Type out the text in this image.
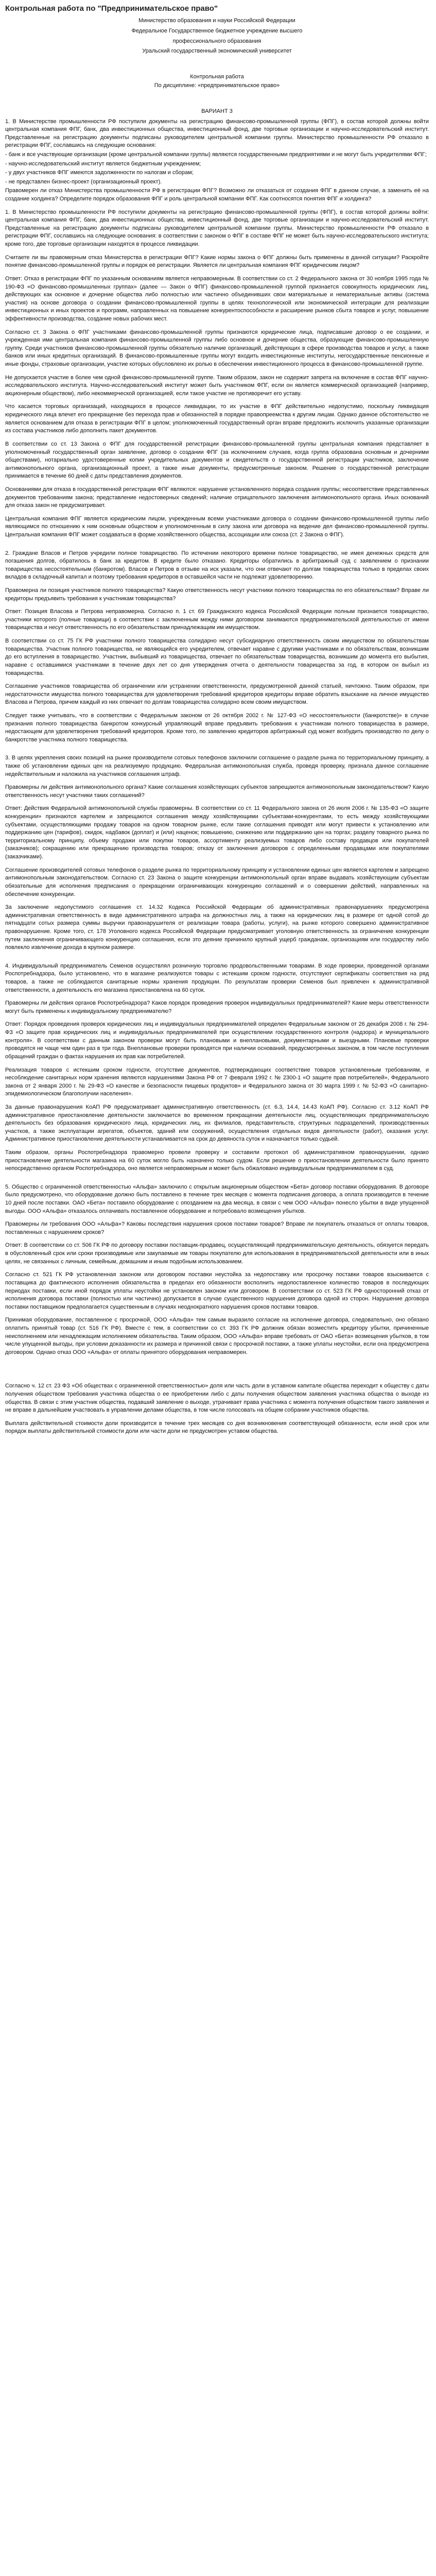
Контрольная работа по "Предпринимательское право"

Министерство образования и науки Российской Федерации

Федеральное Государственное бюджетное учреждение высшего

профессионального образования

Уральский государственный экономический университет

Контрольная работа

По дисциплине: «предпринимательское право»

ВАРИАНТ 3

1. В Министерстве промышленности РФ поступили документы на регистрацию финансово-промышленной группы (ФПГ), в состав которой должны войти центральная компания ФПГ, банк, два инвестиционных общества, инвестиционный фонд, две торговые организации и научно-исследовательский институт. Представленные на регистрацию документы подписаны руководителем центральной компании группы. Министерство промышленности РФ отказало в регистрации ФПГ, сославшись на следующие основания:

- банк и все участвующие организации (кроме центральной компании группы) являются государственными предприятиями и не могут быть учредителями ФПГ;

- научно-исследовательский институт является бюджетным учреждением;

- у двух участников ФПГ имеются задолженности по налогам и сборам;

- не представлен бизнес-проект (организационный проект).

Правомерен ли отказ Министерства промышленности РФ в регистрации ФПГ? Возможно ли отказаться от создания ФПГ в данном случае, а заменить её на создание холдинга? Определите порядок образования ФПГ и роль центральной компании ФПГ. Как соотносятся понятия ФПГ и холдинга?

1. В Министерство промышленности РФ поступили документы на регистрацию финансово-промышленной группы (ФПГ), в состав которой должны войти: центральная компания ФПГ, банк, два инвестиционных общества, инвестиционный фонд, две торговые организации и научно-исследовательский институт. Представленные на регистрацию документы подписаны руководителем центральной компании группы. Министерство промышленности РФ отказало в регистрации ФПГ, сославшись на следующие основания: в соответствии с законом о ФПГ в составе ФПГ не может быть научно-исследовательского института; кроме того, две торговые организации находятся в процессе ликвидации.

Считаете ли вы правомерным отказ Министерства в регистрации ФПГ? Какие нормы закона о ФПГ должны быть применены в данной ситуации? Раскройте понятие финансово-промышленной группы и порядок её регистрации. Является ли центральная компания ФПГ юридическим лицом?

Ответ: Отказ в регистрации ФПГ по указанным основаниям является неправомерным. В соответствии со ст. 2 Федерального закона от 30 ноября 1995 года № 190-ФЗ «О финансово-промышленных группах» (далее — Закон о ФПГ) финансово-промышленной группой признается совокупность юридических лиц, действующих как основное и дочерние общества либо полностью или частично объединивших свои материальные и нематериальные активы (система участия) на основе договора о создании финансово-промышленной группы в целях технологической или экономической интеграции для реализации инвестиционных и иных проектов и программ, направленных на повышение конкурентоспособности и расширение рынков сбыта товаров и услуг, повышение эффективности производства, создание новых рабочих мест.

Согласно ст. 3 Закона о ФПГ участниками финансово-промышленной группы признаются юридические лица, подписавшие договор о ее создании, и учрежденная ими центральная компания финансово-промышленной группы либо основное и дочерние общества, образующие финансово-промышленную группу. Среди участников финансово-промышленной группы обязательно наличие организаций, действующих в сфере производства товаров и услуг, а также банков или иных кредитных организаций. В финансово-промышленные группы могут входить инвестиционные институты, негосударственные пенсионные и иные фонды, страховые организации, участие которых обусловлено их ролью в обеспечении инвестиционного процесса в финансово-промышленной группе.

Не допускается участие в более чем одной финансово-промышленной группе. Таким образом, закон не содержит запрета на включение в состав ФПГ научно-исследовательского института. Научно-исследовательский институт может быть участником ФПГ, если он является коммерческой организацией (например, акционерным обществом), либо некоммерческой организацией, если такое участие не противоречит его уставу.

Что касается торговых организаций, находящихся в процессе ликвидации, то их участие в ФПГ действительно недопустимо, поскольку ликвидация юридического лица влечет его прекращение без перехода прав и обязанностей в порядке правопреемства к другим лицам. Однако данное обстоятельство не является основанием для отказа в регистрации ФПГ в целом; уполномоченный государственный орган вправе предложить исключить указанные организации из состава участников либо дополнить пакет документов.

В соответствии со ст. 13 Закона о ФПГ для государственной регистрации финансово-промышленной группы центральная компания представляет в уполномоченный государственный орган заявление, договор о создании ФПГ (за исключением случаев, когда группа образована основным и дочерними обществами), нотариально удостоверенные копии учредительных документов и свидетельств о государственной регистрации участников, заключение антимонопольного органа, организационный проект, а также иные документы, предусмотренные законом. Решение о государственной регистрации принимается в течение 60 дней с даты представления документов.

Основаниями для отказа в государственной регистрации ФПГ являются: нарушение установленного порядка создания группы; несоответствие представленных документов требованиям закона; представление недостоверных сведений; наличие отрицательного заключения антимонопольного органа. Иных оснований для отказа закон не предусматривает.

Центральная компания ФПГ является юридическим лицом, учрежденным всеми участниками договора о создании финансово-промышленной группы либо являющимся по отношению к ним основным обществом и уполномоченным в силу закона или договора на ведение дел финансово-промышленной группы. Центральная компания ФПГ может создаваться в форме хозяйственного общества, ассоциации или союза (ст. 2 Закона о ФПГ).

2. Граждане Власов и Петров учредили полное товарищество. По истечении некоторого времени полное товарищество, не имея денежных средств для погашения долгов, обратилось в банк за кредитом. В кредите было отказано. Кредиторы обратились в арбитражный суд с заявлением о признании товарищества несостоятельным (банкротом). Власов и Петров в отзыве на иск указали, что они отвечают по долгам товарищества только в пределах своих вкладов в складочный капитал и поэтому требования кредиторов в оставшейся части не подлежат удовлетворению.

Правомерна ли позиция участников полного товарищества? Какую ответственность несут участники полного товарищества по его обязательствам? Вправе ли кредиторы предъявить требования к участникам товарищества?

Ответ: Позиция Власова и Петрова неправомерна. Согласно п. 1 ст. 69 Гражданского кодекса Российской Федерации полным признается товарищество, участники которого (полные товарищи) в соответствии с заключенным между ними договором занимаются предпринимательской деятельностью от имени товарищества и несут ответственность по его обязательствам принадлежащим им имуществом.

В соответствии со ст. 75 ГК РФ участники полного товарищества солидарно несут субсидиарную ответственность своим имуществом по обязательствам товарищества. Участник полного товарищества, не являющийся его учредителем, отвечает наравне с другими участниками и по обязательствам, возникшим до его вступления в товарищество. Участник, выбывший из товарищества, отвечает по обязательствам товарищества, возникшим до момента его выбытия, наравне с оставшимися участниками в течение двух лет со дня утверждения отчета о деятельности товарищества за год, в котором он выбыл из товарищества.

Соглашение участников товарищества об ограничении или устранении ответственности, предусмотренной данной статьей, ничтожно. Таким образом, при недостаточности имущества полного товарищества для удовлетворения требований кредиторов кредиторы вправе обратить взыскание на личное имущество Власова и Петрова, причем каждый из них отвечает по долгам товарищества солидарно всем своим имуществом.

Следует также учитывать, что в соответствии с Федеральным законом от 26 октября 2002 г. № 127-ФЗ «О несостоятельности (банкротстве)» в случае признания полного товарищества банкротом конкурсный управляющий вправе предъявить требования к участникам полного товарищества в размере, недостающем для удовлетворения требований кредиторов. Кроме того, по заявлению кредиторов арбитражный суд может возбудить производство по делу о банкротстве участника полного товарищества.

3. В целях укрепления своих позиций на рынке производители сотовых телефонов заключили соглашение о разделе рынка по территориальному принципу, а также об установлении единых цен на реализуемую продукцию. Федеральная антимонопольная служба, проведя проверку, признала данное соглашение недействительным и наложила на участников соглашения штраф.

Правомерны ли действия антимонопольного органа? Какие соглашения хозяйствующих субъектов запрещаются антимонопольным законодательством? Какую ответственность несут участники таких соглашений?

Ответ: Действия Федеральной антимонопольной службы правомерны. В соответствии со ст. 11 Федерального закона от 26 июля 2006 г. № 135-ФЗ «О защите конкуренции» признаются картелем и запрещаются соглашения между хозяйствующими субъектами-конкурентами, то есть между хозяйствующими субъектами, осуществляющими продажу товаров на одном товарном рынке, если такие соглашения приводят или могут привести к установлению или поддержанию цен (тарифов), скидок, надбавок (доплат) и (или) наценок; повышению, снижению или поддержанию цен на торгах; разделу товарного рынка по территориальному принципу, объему продажи или покупки товаров, ассортименту реализуемых товаров либо составу продавцов или покупателей (заказчиков); сокращению или прекращению производства товаров; отказу от заключения договоров с определенными продавцами или покупателями (заказчиками).

Соглашение производителей сотовых телефонов о разделе рынка по территориальному принципу и установлении единых цен является картелем и запрещено антимонопольным законодательством. Согласно ст. 23 Закона о защите конкуренции антимонопольный орган вправе выдавать хозяйствующим субъектам обязательные для исполнения предписания о прекращении ограничивающих конкуренцию соглашений и о совершении действий, направленных на обеспечение конкуренции.

За заключение недопустимого соглашения ст. 14.32 Кодекса Российской Федерации об административных правонарушениях предусмотрена административная ответственность в виде административного штрафа на должностных лиц, а также на юридических лиц в размере от одной сотой до пятнадцати сотых размера суммы выручки правонарушителя от реализации товара (работы, услуги), на рынке которого совершено административное правонарушение. Кроме того, ст. 178 Уголовного кодекса Российской Федерации предусматривает уголовную ответственность за ограничение конкуренции путем заключения ограничивающего конкуренцию соглашения, если это деяние причинило крупный ущерб гражданам, организациям или государству либо повлекло извлечение дохода в крупном размере.

4. Индивидуальный предприниматель Семенов осуществлял розничную торговлю продовольственными товарами. В ходе проверки, проведенной органами Роспотребнадзора, было установлено, что в магазине реализуются товары с истекшим сроком годности, отсутствуют сертификаты соответствия на ряд товаров, а также не соблюдаются санитарные нормы хранения продукции. По результатам проверки Семенов был привлечен к административной ответственности, а деятельность его магазина приостановлена на 60 суток.

Правомерны ли действия органов Роспотребнадзора? Каков порядок проведения проверок индивидуальных предпринимателей? Какие меры ответственности могут быть применены к индивидуальному предпринимателю?

Ответ: Порядок проведения проверок юридических лиц и индивидуальных предпринимателей определен Федеральным законом от 26 декабря 2008 г. № 294-ФЗ «О защите прав юридических лиц и индивидуальных предпринимателей при осуществлении государственного контроля (надзора) и муниципального контроля». В соответствии с данным законом проверки могут быть плановыми и внеплановыми, документарными и выездными. Плановые проверки проводятся не чаще чем один раз в три года. Внеплановые проверки проводятся при наличии оснований, предусмотренных законом, в том числе поступления обращений граждан о фактах нарушения их прав как потребителей.

Реализация товаров с истекшим сроком годности, отсутствие документов, подтверждающих соответствие товаров установленным требованиям, и несоблюдение санитарных норм хранения являются нарушениями Закона РФ от 7 февраля 1992 г. № 2300-1 «О защите прав потребителей», Федерального закона от 2 января 2000 г. № 29-ФЗ «О качестве и безопасности пищевых продуктов» и Федерального закона от 30 марта 1999 г. № 52-ФЗ «О санитарно-эпидемиологическом благополучии населения».

За данные правонарушения КоАП РФ предусматривает административную ответственность (ст. 6.3, 14.4, 14.43 КоАП РФ). Согласно ст. 3.12 КоАП РФ административное приостановление деятельности заключается во временном прекращении деятельности лиц, осуществляющих предпринимательскую деятельность без образования юридического лица, юридических лиц, их филиалов, представительств, структурных подразделений, производственных участков, а также эксплуатации агрегатов, объектов, зданий или сооружений, осуществления отдельных видов деятельности (работ), оказания услуг. Административное приостановление деятельности устанавливается на срок до девяноста суток и назначается только судьей.

Таким образом, органы Роспотребнадзора правомерно провели проверку и составили протокол об административном правонарушении, однако приостановление деятельности магазина на 60 суток могло быть назначено только судом. Если решение о приостановлении деятельности было принято непосредственно органом Роспотребнадзора, оно является неправомерным и может быть обжаловано индивидуальным предпринимателем в суд.

5. Общество с ограниченной ответственностью «Альфа» заключило с открытым акционерным обществом «Бета» договор поставки оборудования. В договоре было предусмотрено, что оборудование должно быть поставлено в течение трех месяцев с момента подписания договора, а оплата производится в течение 10 дней после поставки. ОАО «Бета» поставило оборудование с опозданием на два месяца, в связи с чем ООО «Альфа» понесло убытки в виде упущенной выгоды. ООО «Альфа» отказалось оплачивать поставленное оборудование и потребовало возмещения убытков.

Правомерны ли требования ООО «Альфа»? Каковы последствия нарушения сроков поставки товаров? Вправе ли покупатель отказаться от оплаты товаров, поставленных с нарушением сроков?

Ответ: В соответствии со ст. 506 ГК РФ по договору поставки поставщик-продавец, осуществляющий предпринимательскую деятельность, обязуется передать в обусловленный срок или сроки производимые или закупаемые им товары покупателю для использования в предпринимательской деятельности или в иных целях, не связанных с личным, семейным, домашним и иным подобным использованием.

Согласно ст. 521 ГК РФ установленная законом или договором поставки неустойка за недопоставку или просрочку поставки товаров взыскивается с поставщика до фактического исполнения обязательства в пределах его обязанности восполнить недопоставленное количество товаров в последующих периодах поставки, если иной порядок уплаты неустойки не установлен законом или договором. В соответствии со ст. 523 ГК РФ односторонний отказ от исполнения договора поставки (полностью или частично) допускается в случае существенного нарушения договора одной из сторон. Нарушение договора поставки поставщиком предполагается существенным в случаях неоднократного нарушения сроков поставки товаров.

Принимая оборудование, поставленное с просрочкой, ООО «Альфа» тем самым выразило согласие на исполнение договора, следовательно, оно обязано оплатить принятый товар (ст. 516 ГК РФ). Вместе с тем, в соответствии со ст. 393 ГК РФ должник обязан возместить кредитору убытки, причиненные неисполнением или ненадлежащим исполнением обязательства. Таким образом, ООО «Альфа» вправе требовать от ОАО «Бета» возмещения убытков, в том числе упущенной выгоды, при условии доказанности их размера и причинной связи с просрочкой поставки, а также уплаты неустойки, если она предусмотрена договором. Однако отказ ООО «Альфа» от оплаты принятого оборудования неправомерен.

Согласно ч. 12 ст. 23 ФЗ «Об обществах с ограниченной ответственностью» доля или часть доли в уставном капитале общества переходит к обществу с даты получения обществом требования участника общества о ее приобретении либо с даты получения обществом заявления участника общества о выходе из общества. В связи с этим участник общества, подавший заявление о выходе, утрачивает права участника с момента получения обществом такого заявления и не вправе в дальнейшем участвовать в управлении делами общества, в том числе голосовать на общем собрании участников общества.

Выплата действительной стоимости доли производится в течение трех месяцев со дня возникновения соответствующей обязанности, если иной срок или порядок выплаты действительной стоимости доли или части доли не предусмотрен уставом общества.
